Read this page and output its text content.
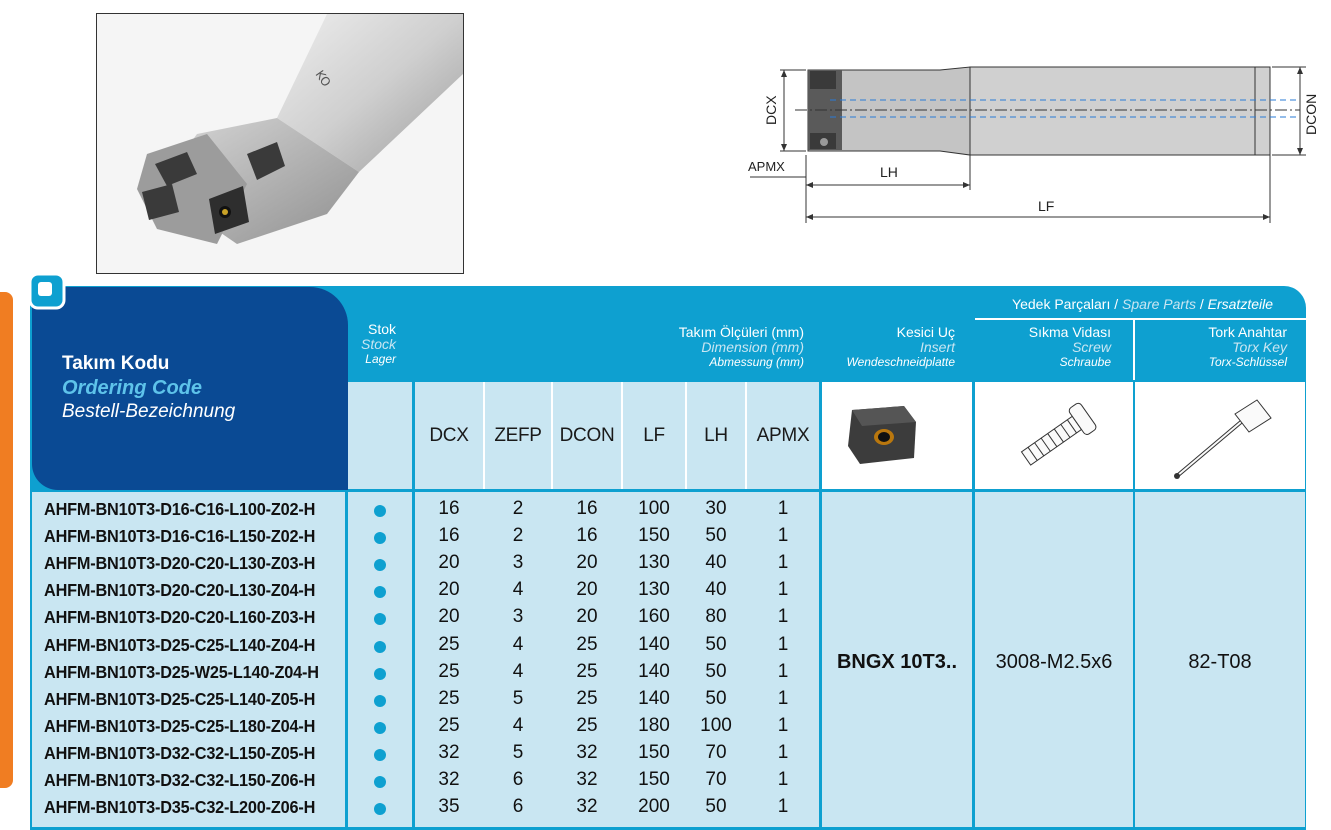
KO
DCX	DCON
APMX	LH
LF
Takım Kodu
Ordering Code
Bestell-Bezeichnung
Stok
Stock
Lager
Takım Ölçüleri (mm)
Dimension (mm)
Abmessung (mm)
Kesici Uç
Insert
Wendeschneidplatte
Yedek Parçaları / Spare Parts / Ersatzteile
Sıkma Vidası
Screw
Schraube
Tork Anahtar
Torx Key
Torx-Schlüssel
DCX	ZEFP DCON	LF	LH	APMX
AHFM-BN10T3-D16-C16-L100-Z02-H	16	2	16	100	30	1
AHFM-BN10T3-D16-C16-L150-Z02-H	16	2	16	150	50	1
AHFM-BN10T3-D20-C20-L130-Z03-H	20	3	20	130	40	1
AHFM-BN10T3-D20-C20-L130-Z04-H	20	4	20	130	40	1
AHFM-BN10T3-D20-C20-L160-Z03-H	20	3	20	160	80	1
AHFM-BN10T3-D25-C25-L140-Z04-H	25	4	25	140	50	1
AHFM-BN10T3-D25-W25-L140-Z04-H	25	4	25	140	50	1
AHFM-BN10T3-D25-C25-L140-Z05-H	25	5	25	140	50	1
AHFM-BN10T3-D25-C25-L180-Z04-H	25	4	25	180	100	1
AHFM-BN10T3-D32-C32-L150-Z05-H	32	5	32	150	70	1
AHFM-BN10T3-D32-C32-L150-Z06-H	32	6	32	150	70	1
AHFM-BN10T3-D35-C32-L200-Z06-H	35	6	32	200	50	1
BNGX 10T3..	3008-M2.5x6	82-T08
